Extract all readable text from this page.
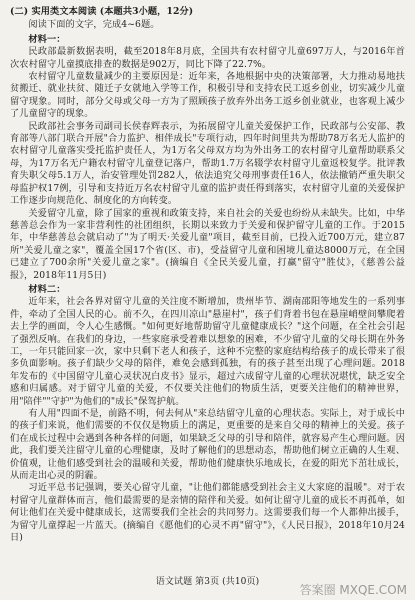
(二) 实用类文本阅读 (本题共3小题，12分)
阅读下面的文字，完成4~6题。
材料一：

民政部最新数据表明，截至2018年8月底，全国共有农村留守儿童697万人，与2016年首次农村留守儿童摸底排查的数据是902万，同比下降了22.7%。

农村留守儿童数量减少的主要原因是：近年来，各地根据中央的决策部署，大力推动易地扶贫搬迁、就业扶贫、随迁子女就地入学等工作，积极引导和支持农民工返乡创业，切实减少儿童留守现象。同时，部分父母或父母一方为了照顾孩子放弃外出务工返乡创业就业，也客观上减少了儿童留守的现象。

民政部社会事务司副司长侯春辉表示，为拓展留守儿童关爱保护工作，民政部与公安部、教育部等八部门联合开展"合力监护、相伴成长"专项行动，四年时间里共为帮助78万名无人监护的农村留守儿童落实受托监护责任人，为1万名父母双方均为外出务工的农村留守儿童帮助联系父母，为17万名无户籍农村留守儿童登记落户，帮助1.7万名辍学农村留守儿童返校复学。批评教育失职父母5.1万人，治安管理处罚282人，依法追究父母刑事责任16人，依法撤销严重失职父母监护权17例，引导和支持近万名农村留守儿童的监护责任得到落实，农村留守儿童的关爱保护工作逐步向规范化、制度化的方向转变。

关爱留守儿童，除了国家的重视和政策支持，来自社会的关爱也纷纷从未缺失。比如，中华慈善总会作为一家非营利性的社团组织，长期以来致力于关爱和保护留守儿童的工作。于2015年，中华慈善总会就启动了"为了明天·关爱儿童"项目，截至目前，已投入近700万元，建立87所"关爱儿童之家"，覆盖全国17个省(区、市)，受益留守儿童和困境儿童达8000万元，在全国已建立了700余所"关爱儿童之家"。(摘编自《全民关爱儿童，打赢"留守"胜仗》，《慈善公益报》，2018年11月5日)

材料二：

近年来，社会各界对留守儿童的关注度不断增加，贵州毕节、湖南邵阳等地发生的一系列事件，牵动了全国人民的心。前不久，在四川凉山"悬崖村"，孩子们背着书包在悬崖峭壁间攀爬着去上学的画面，令人心生感慨。"如何更好地帮助留守儿童健康成长？"这个问题，在全社会引起了强烈反响。在我们的身边，一些家庭承受着难以想象的困难，不少留守儿童的父母长期在外务工，一年只能回家一次，家中只剩下老人和孩子，这种不完整的家庭结构给孩子的成长带来了很多负面影响。孩子们缺少父母的陪伴，难免会感到孤独，有的孩子甚至出现了心理问题。2018年发布的《中国留守儿童心灵状况白皮书》显示，超过六成留守儿童的心理状况堪忧，缺乏安全感和归属感。对于留守儿童的关爱，不仅要关注他们的物质生活，更要关注他们的精神世界，用"陪伴""守护"为他们的"成长"保驾护航。

有人用"四面不是，前路不明，何去何从"来总结留守儿童的心理状态。实际上，对于成长中的孩子们来说，他们需要的不仅仅是物质上的满足，更重要的是来自父母的精神上的关爱。孩子们在成长过程中会遇到各种各样的问题，如果缺乏父母的引导和陪伴，就容易产生心理问题。因此，我们要关注留守儿童的心理健康，及时了解他们的思想动态，帮助他们树立正确的人生观、价值观，让他们感受到社会的温暖和关爱，帮助他们健康快乐地成长，在爱的阳光下茁壮成长，从而走出心灵的阴霾。

习近平总书记强调，要关心留守儿童，"让他们都能感受到社会主义大家庭的温暖"。对于农村留守儿童群体而言，他们最需要的是亲情的陪伴和关爱。如何让留守儿童的成长不再孤单，如何让他们在关爱中健康成长，这需要我们全社会的共同努力。这需要我们每一个人都伸出援手，为留守儿童撑起一片蓝天。(摘编自《愿他们的心灵不再"留守"》，《人民日报》，2018年10月24日)

语文试题 第3页 (共10页)
答案圈 MXQE.COM
